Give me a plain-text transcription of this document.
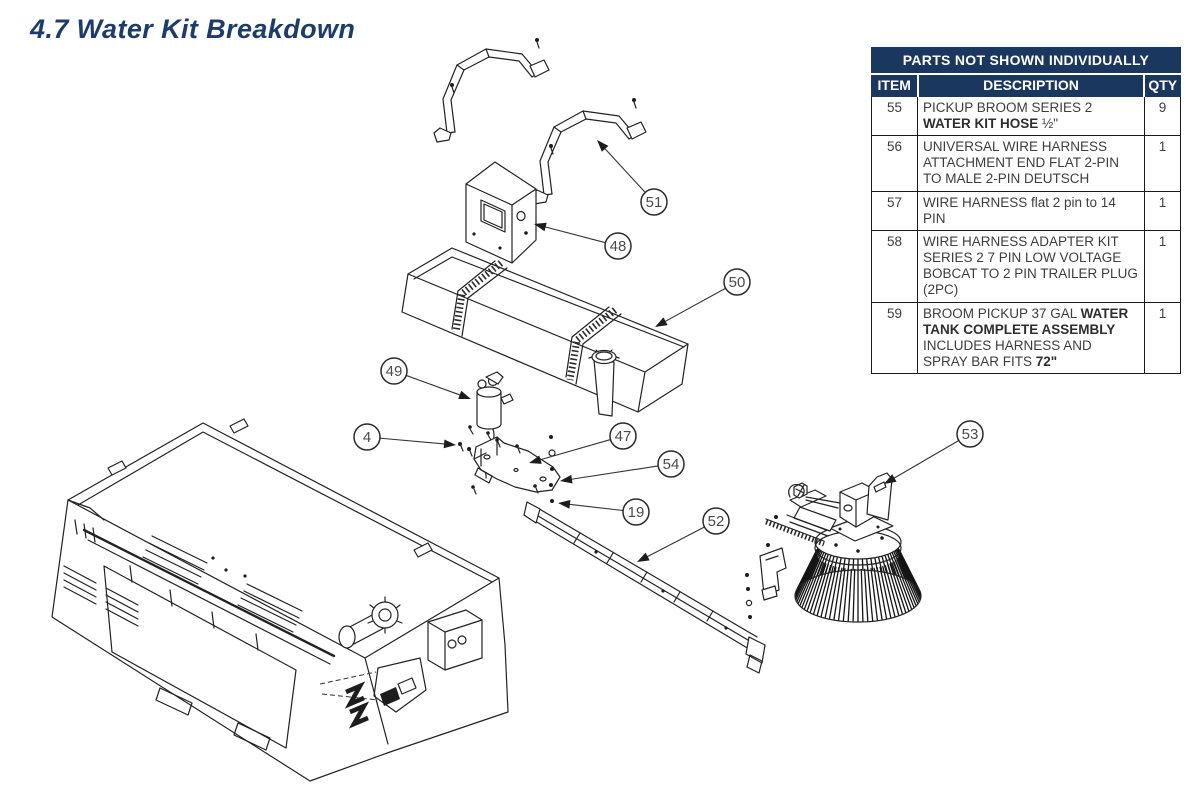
4.7 Water Kit Breakdown
51
48
50
49
4	47
54
19
52
53
PARTS NOT SHOWN INDIVIDUALLY		
ITEM	DESCRIPTION	QTY
55	PICKUP BROOM SERIES 2 WATER KIT HOSE ½"	9
56	UNIVERSAL WIRE HARNESS ATTACHMENT END FLAT 2-PIN TO MALE 2-PIN DEUTSCH	1
57	WIRE HARNESS flat 2 pin to 14 PIN	1
58	WIRE HARNESS ADAPTER KIT SERIES 2 7 PIN LOW VOLTAGE BOBCAT TO 2 PIN TRAILER PLUG (2PC)	1
59	BROOM PICKUP 37 GAL WATER TANK COMPLETE ASSEMBLY INCLUDES HARNESS AND SPRAY BAR FITS 72"	1
